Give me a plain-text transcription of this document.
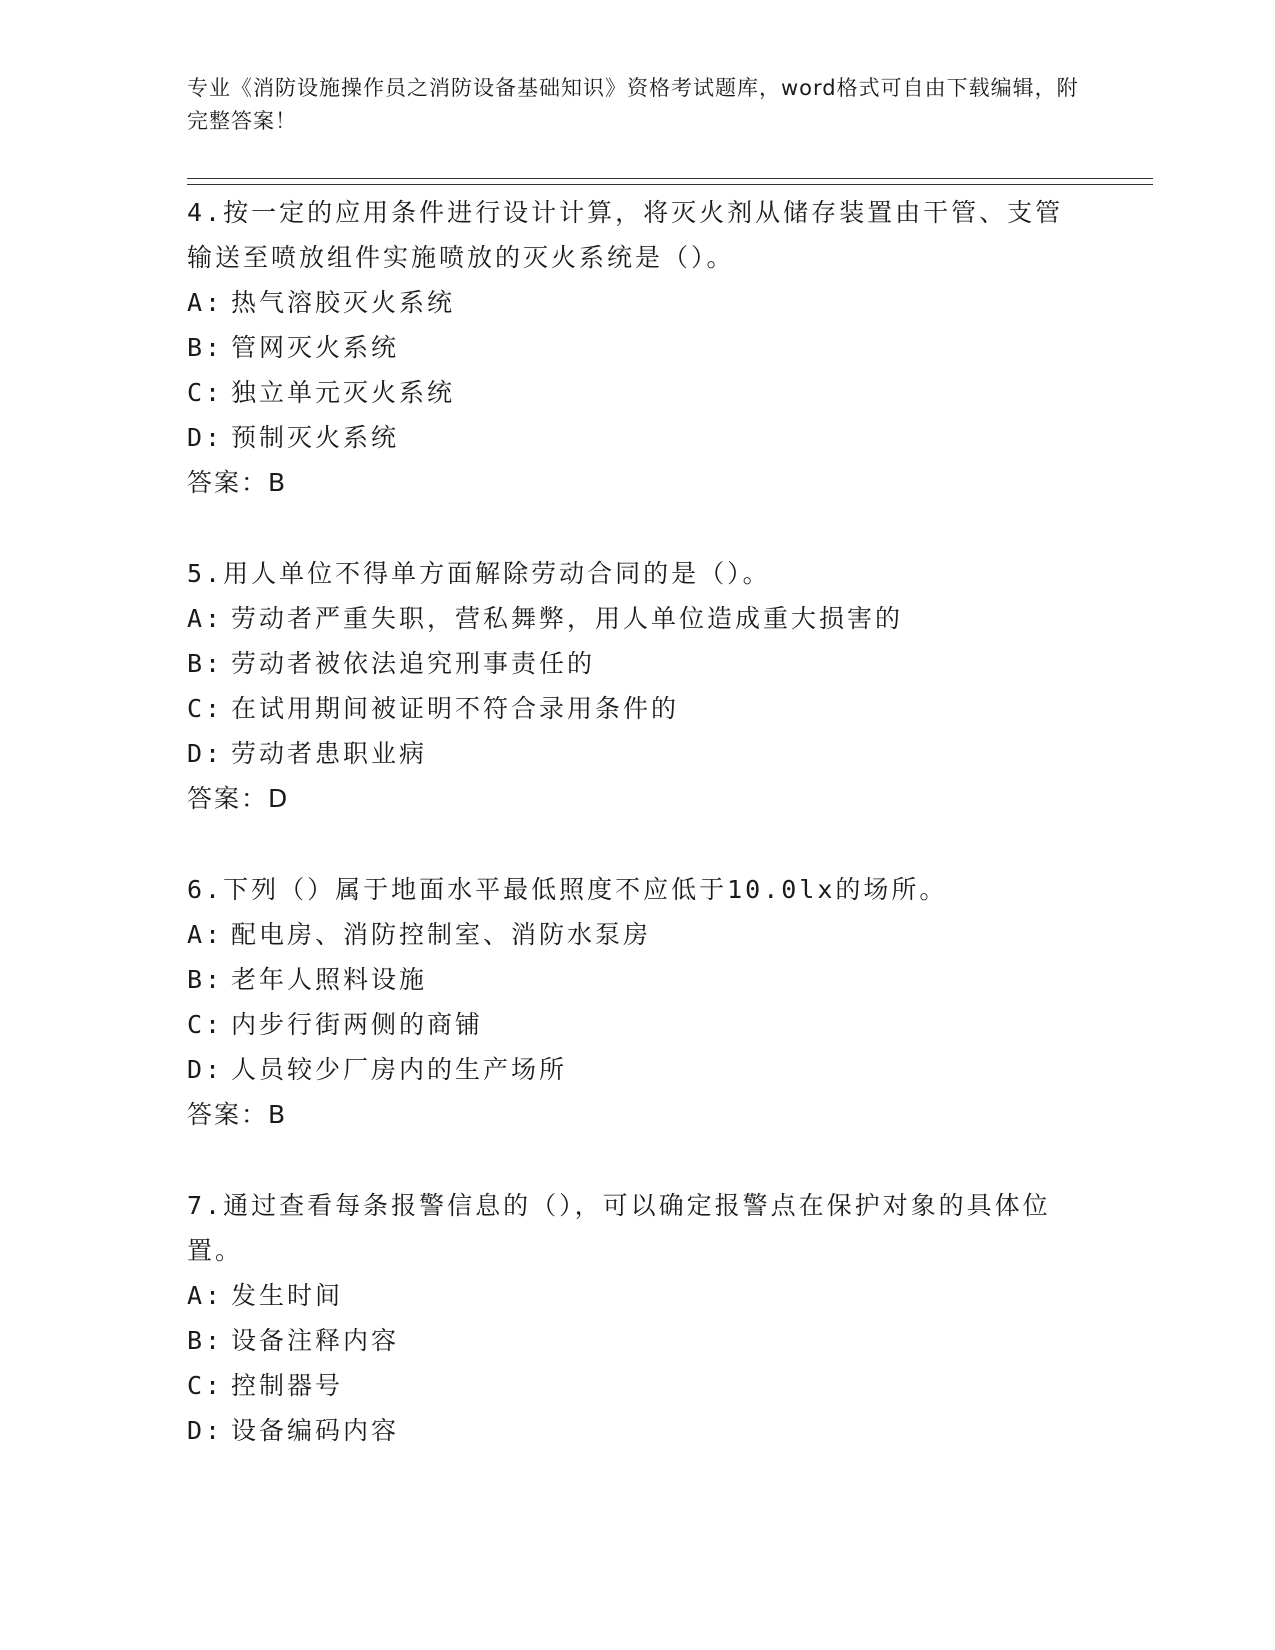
专业《消防设施操作员之消防设备基础知识》资格考试题库，word格式可自由下载编辑，附完整答案！

4.按一定的应用条件进行设计计算，将灭火剂从储存装置由干管、支管输送至喷放组件实施喷放的灭火系统是（）。

A: 热气溶胶灭火系统

B: 管网灭火系统

C: 独立单元灭火系统

D: 预制灭火系统

答案：B

5.用人单位不得单方面解除劳动合同的是（）。

A: 劳动者严重失职，营私舞弊，用人单位造成重大损害的

B: 劳动者被依法追究刑事责任的

C: 在试用期间被证明不符合录用条件的

D: 劳动者患职业病

答案：D

6.下列（）属于地面水平最低照度不应低于10.0lx的场所。

A: 配电房、消防控制室、消防水泵房

B: 老年人照料设施

C: 内步行街两侧的商铺

D: 人员较少厂房内的生产场所

答案：B

7.通过查看每条报警信息的（），可以确定报警点在保护对象的具体位置。

A: 发生时间

B: 设备注释内容

C: 控制器号

D: 设备编码内容
